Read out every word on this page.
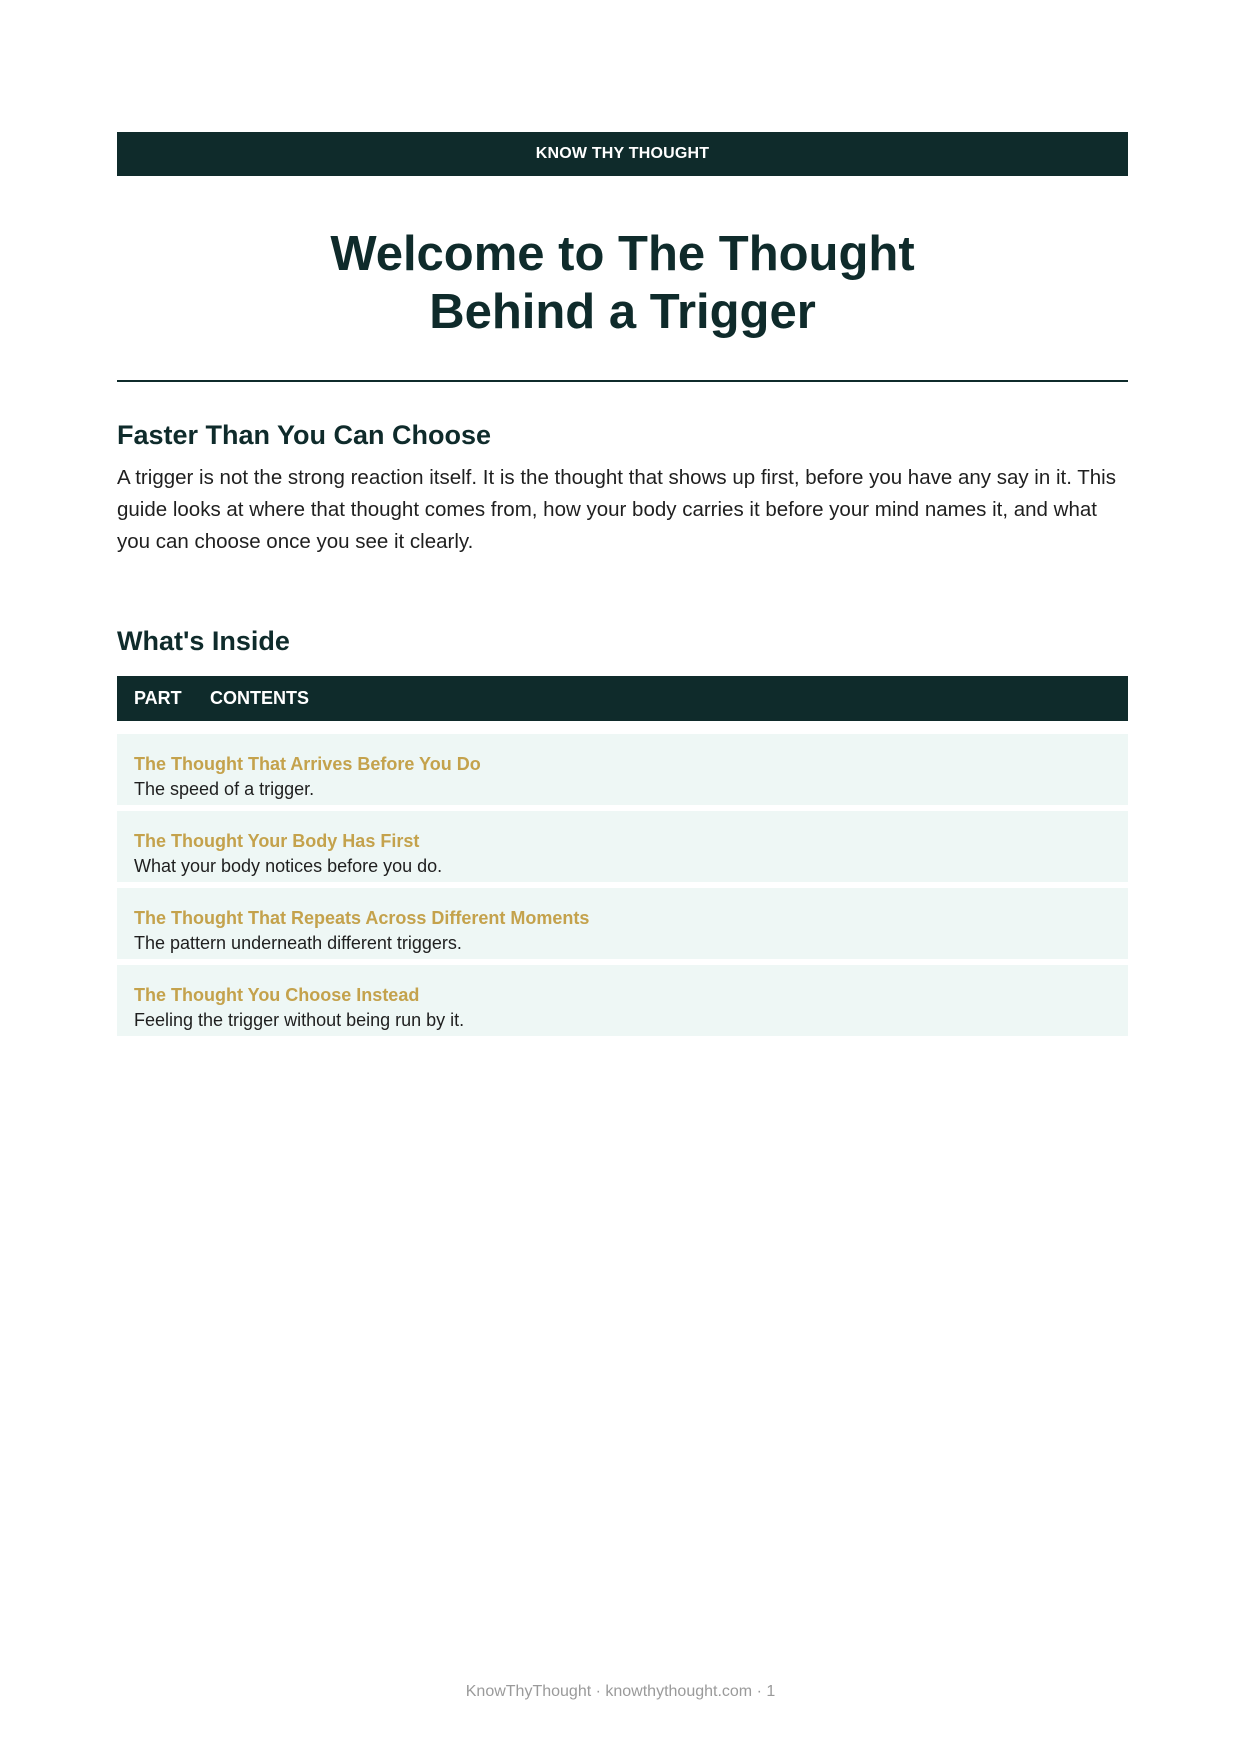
KNOW THY THOUGHT
Welcome to The Thought
Behind a Trigger
Faster Than You Can Choose

A trigger is not the strong reaction itself. It is the thought that shows up first, before you have any say in it. This guide looks at where that thought comes from, how your body carries it before your mind names it, and what you can choose once you see it clearly.

What's Inside
PART	CONTENTS
The Thought That Arrives Before You Do
The speed of a trigger.
The Thought Your Body Has First
What your body notices before you do.
The Thought That Repeats Across Different Moments
The pattern underneath different triggers.
The Thought You Choose Instead
Feeling the trigger without being run by it.
KnowThyThought · knowthythought.com · 1
